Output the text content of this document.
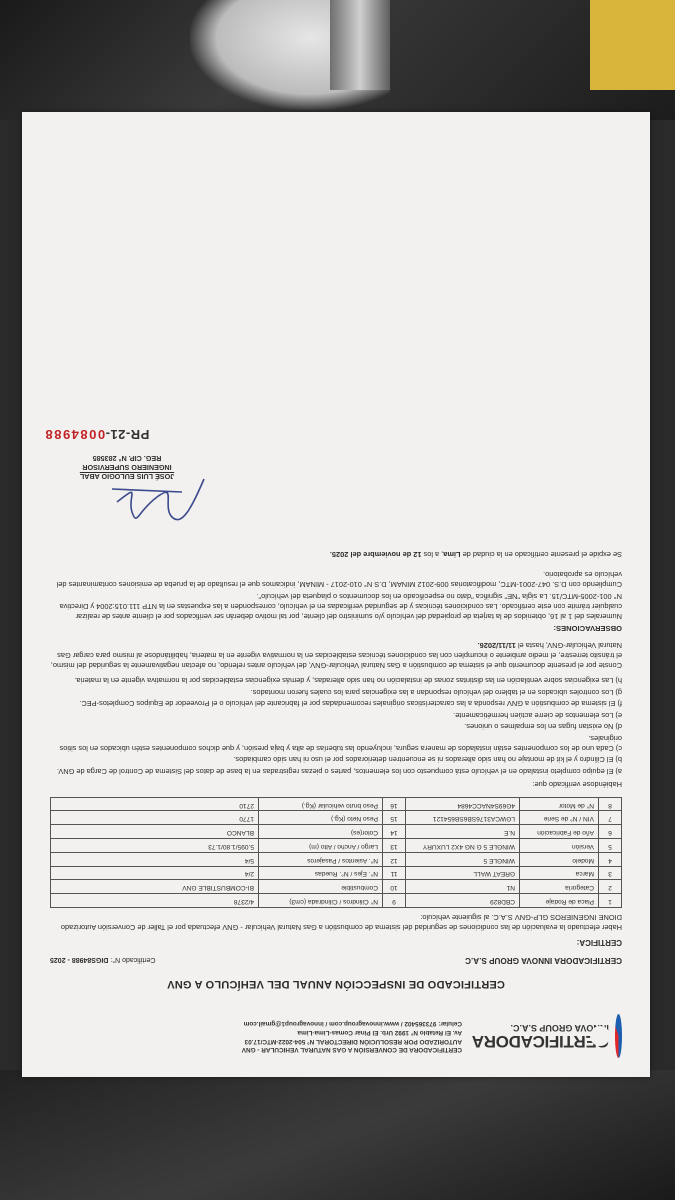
CERTIFICADORA
INNOVA GROUP S.A.C.
CERTIFICADORA DE CONVERSIÓN A GAS NATURAL VEHICULAR - GNV
AUTORIZADO POR RESOLUCIÓN DIRECTORAL N° 504-2022-MTC/17.03
Av. El Retablo N° 1992 Urb. El Pinar Comas-Lima-Lima
Celular: 973365402 / www.innovagroup.com / innovagroup1@gmail.com
CERTIFICADO DE INSPECCIÓN ANUAL DEL VEHÍCULO A GNV
CERTIFICADORA INNOVA GROUP S.A.C
Certificado N°: DIGS84988 - 2025
CERTIFICA:
Haber efectuado la evaluación de las condiciones de seguridad del sistema de combustión a Gas Natural Vehicular - GNV efectuada por el Taller de Conversión Autorizado DIONE INGENIEROS GLP-GNV S.A.C. al siguiente vehículo:
1	Placa de Rodaje	CBD829	9	N° Cilindros / Cilindrada (cm3)	4/2378
2	Categoría	N1	10	Combustible	BI-COMBUSTIBLE GNV
3	Marca	GREAT WALL	11	N°. Ejes / N°. Ruedas	2/4
4	Modelo	WINGLE 5	12	N°. Asientos / Pasajeros	5/4
5	Versión	WINGLE 5 G NG 4X2 LUXURY	13	Largo / Ancho / Alto (m)	5.095/1.80/1.73
6	Año de Fabricación	N.E	14	Color(es)	BLANCO
7	VIN / N° de Serie	LGWCA3176SB6SB654121	15	Peso Neto (Kg.)	1770
8	N° de Motor	4G69S4NACC4684	16	Peso bruto vehicular (Kg.)	2710
Habiéndose verificado que:

a) El equipo completo instalado en el vehículo está compuesto con los elementos, partes o piezas registradas en la base de datos del Sistema de Control de Carga de GNV.

b) El Cilindro y el kit de montaje no han sido alterados ni se encuentren deteriorados por el uso ni han sido cambiados.

c) Cada uno de los componentes están instalados de manera segura, incluyendo las tuberías de alta y baja presión, y que dichos componentes estén ubicados en los sitios originales.

d) No existan fugas en los empalmes o uniones.

e) Los elementos de cierre actúen herméticamente.

f) El sistema de combustión a GNV responda a las características originales recomendadas por el fabricante del vehículo o el Proveedor de Equipos Completos-PEC.

g) Los controles ubicados en el tablero del vehículo respondan a las exigencias para los cuales fueron montados.

h) Las exigencias sobre ventilación en las distintas zonas de instalación no han sido alteradas, y demás exigencias establecidas por la normativa vigente en la materia.

Conste por el presente documento que el sistema de combustión a Gas Natural Vehicular-GNV, del vehículo antes referido, no afectan negativamente la seguridad del mismo, el tránsito terrestre, el medio ambiente o incumplen con las condiciones técnicas establecidas en la normativa vigente en la materia, habilitándose al mismo para cargar Gas Natural Vehicular-GNV, hasta el 11/11/2026.
OBSERVACIONES:

Numerales del 1 al 16, obtenidos de la tarjeta de propiedad del vehículo y/o suministro del cliente, por tal motivo deberán ser verificados por el cliente antes de realizar cualquier trámite con este certificado. Las condiciones técnicas y de seguridad verificadas en el vehículo, corresponden a las expuestas en la NTP 111.015:2004 y Directiva N° 001-2005-MTC/15. La sigla "NE" significa "dato no especificado en los documentos o plaqueta del vehículo".

Cumpliendo con D.S. 047-2001-MTC, modificatorias 009-2012 MINAM, D.S N° 010-2017 - MINAM, indicamos que el resultado de la prueba de emisiones contaminantes del vehículo es aprobatorio.

Se expide el presente certificado en la ciudad de Lima, a los 12 de noviembre del 2025.
JOSÉ LUIS EULOGIO ABAL
INGENIERO SUPERVISOR
REG. CIP. N° 283585
PR-21-0084988
